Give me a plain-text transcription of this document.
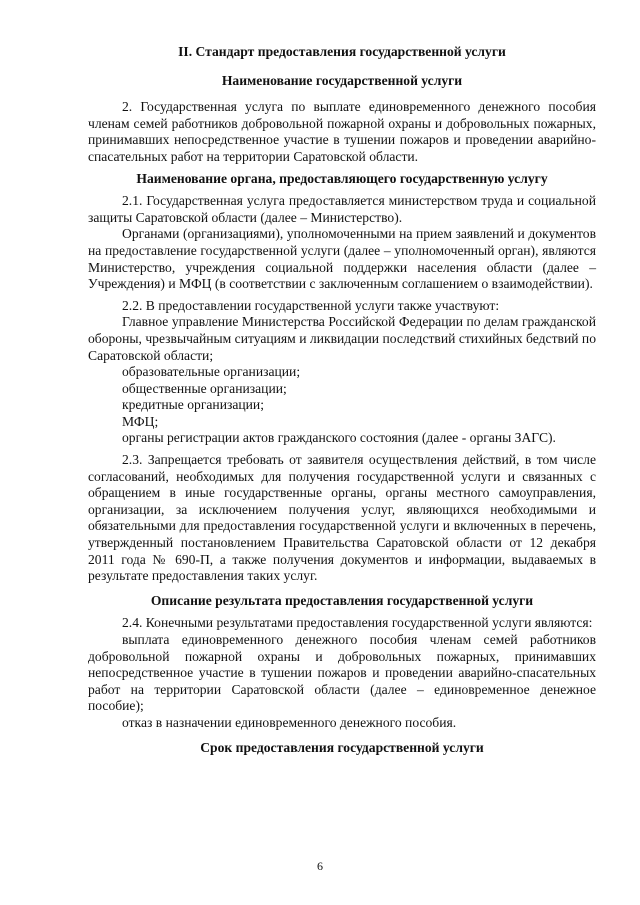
II. Стандарт предоставления государственной услуги
Наименование государственной услуги

2. Государственная услуга по выплате единовременного денежного пособия членам семей работников добровольной пожарной охраны и добровольных пожарных, принимавших непосредственное участие в тушении пожаров и проведении аварийно-спасательных работ на территории Саратовской области.

Наименование органа, предоставляющего государственную услугу

2.1. Государственная услуга предоставляется министерством труда и социальной защиты Саратовской области (далее – Министерство).

Органами (организациями), уполномоченными на прием заявлений и документов на предоставление государственной услуги (далее – уполномоченный орган), являются Министерство, учреждения социальной поддержки населения области (далее – Учреждения) и МФЦ (в соответствии с заключенным соглашением о взаимодействии).

2.2. В предоставлении государственной услуги также участвуют:

Главное управление Министерства Российской Федерации по делам гражданской обороны, чрезвычайным ситуациям и ликвидации последствий стихийных бедствий по Саратовской области;

образовательные организации;

общественные организации;

кредитные организации;

МФЦ;

органы регистрации актов гражданского состояния (далее - органы ЗАГС).

2.3. Запрещается требовать от заявителя осуществления действий, в том числе согласований, необходимых для получения государственной услуги и связанных с обращением в иные государственные органы, органы местного самоуправления, организации, за исключением получения услуг, являющихся необходимыми и обязательными для предоставления государственной услуги и включенных в перечень, утвержденный постановлением Правительства Саратовской области от 12 декабря 2011 года № 690-П, а также получения документов и информации, выдаваемых в результате предоставления таких услуг.

Описание результата предоставления государственной услуги

2.4. Конечными результатами предоставления государственной услуги являются:

выплата единовременного денежного пособия членам семей работников добровольной пожарной охраны и добровольных пожарных, принимавших непосредственное участие в тушении пожаров и проведении аварийно-спасательных работ на территории Саратовской области (далее – единовременное денежное пособие);

отказ в назначении единовременного денежного пособия.

Срок предоставления государственной услуги
6
